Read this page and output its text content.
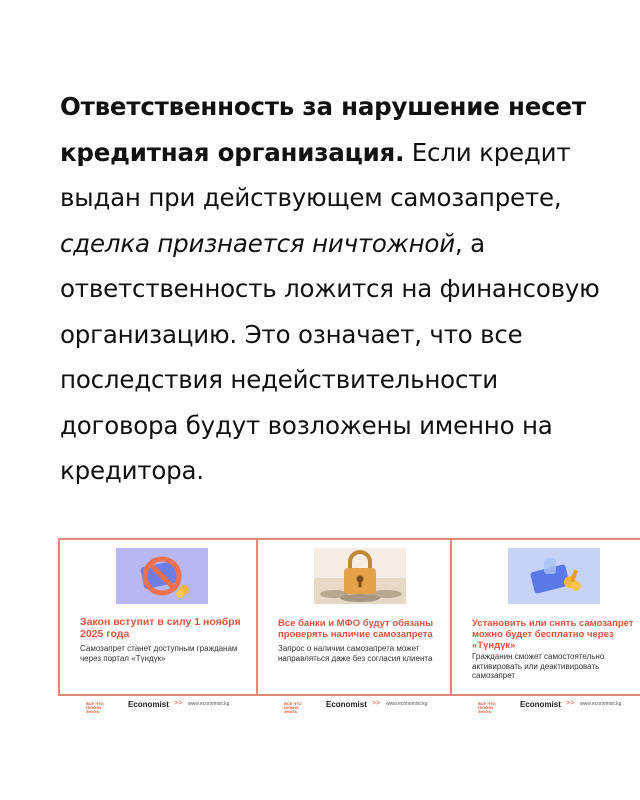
Ответственность за нарушение несет кредитная организация. Если кредит выдан при действующем самозапрете, сделка признается ничтожной, а ответственность ложится на финансовую организацию. Это означает, что все последствия недействительности договора будут возложены именно на кредитора.
Закон вступит в силу 1 ноября 2025 года
Самозапрет станет доступным гражданам через портал «Түндүк»
ВСЕ ЧТО НУЖНО ЗНАТЬ
Economist >> www.economist.kg
Все банки и МФО будут обязаны проверять наличие самозапрета
Запрос о наличии самозапрета может направляться даже без согласия клиента
ВСЕ ЧТО НУЖНО ЗНАТЬ
Economist >> www.economist.kg
Установить или снять самозапрет можно будет бесплатно через «Түндүк»
Гражданин сможет самостоятельно активировать или деактивировать самозапрет
ВСЕ ЧТО НУЖНО ЗНАТЬ
Economist >> www.economist.kg
